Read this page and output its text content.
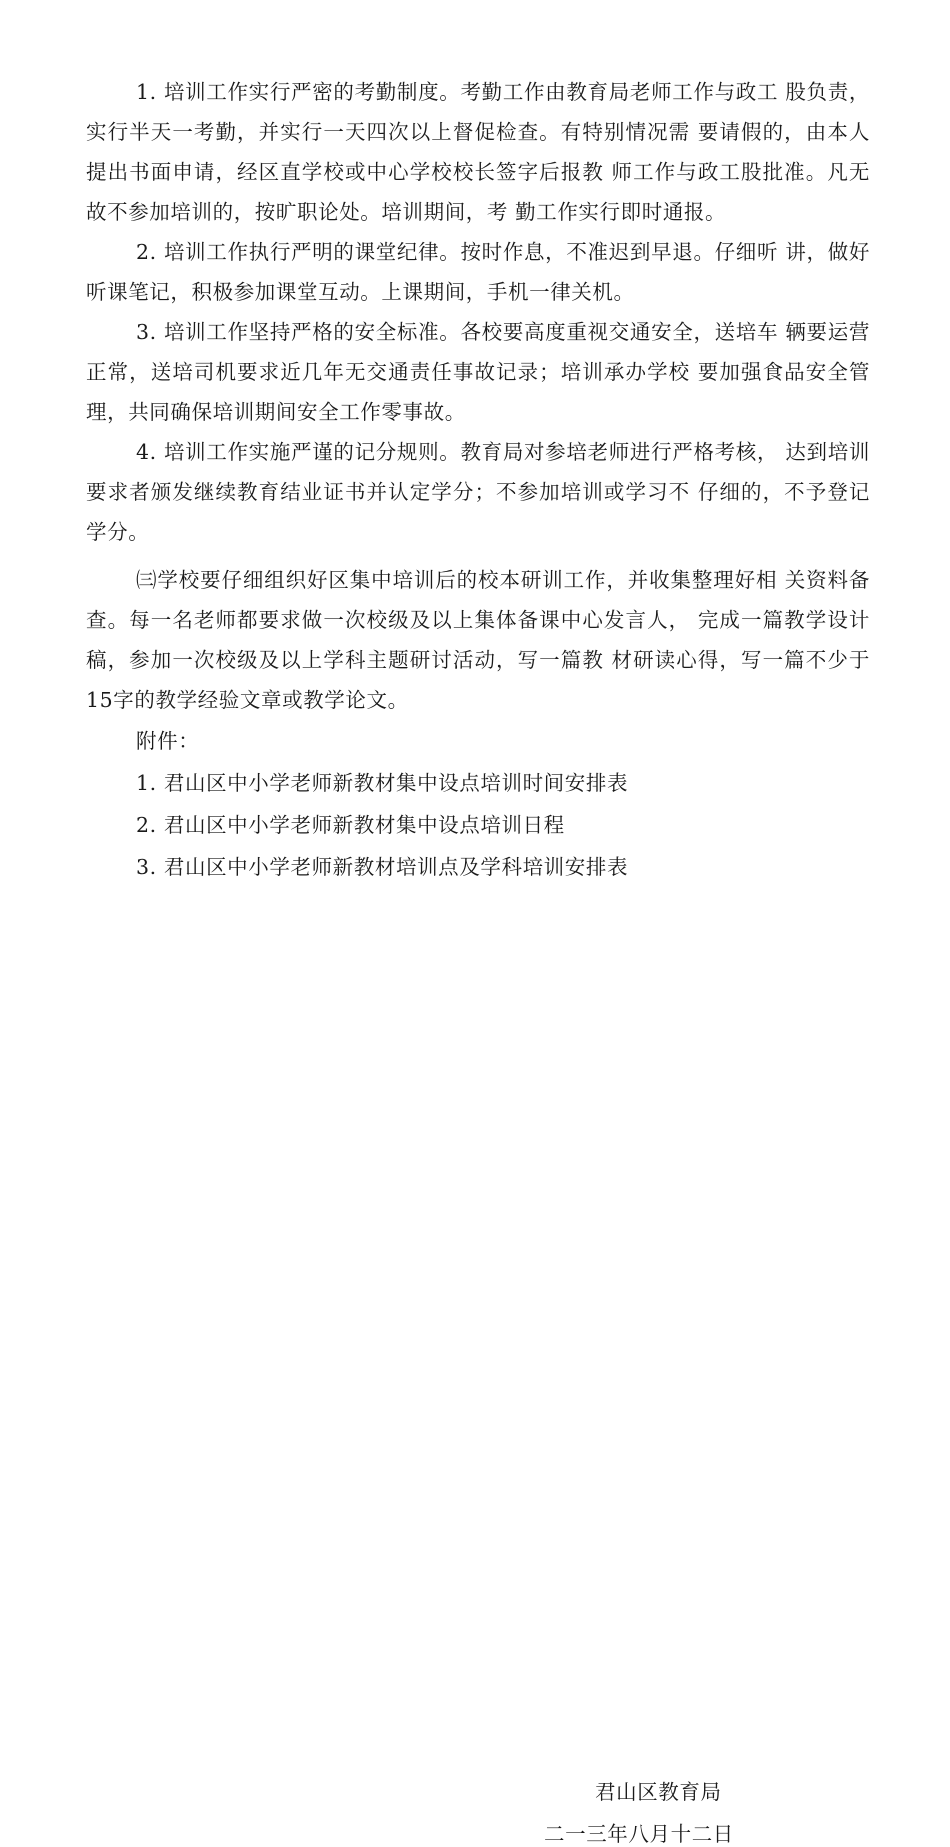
1. 培训工作实行严密的考勤制度。考勤工作由教育局老师工作与政工 股负责，实行半天一考勤，并实行一天四次以上督促检查。有特别情况需 要请假的，由本人提出书面申请，经区直学校或中心学校校长签字后报教 师工作与政工股批准。凡无故不参加培训的，按旷职论处。培训期间，考 勤工作实行即时通报。

2. 培训工作执行严明的课堂纪律。按时作息，不准迟到早退。仔细听 讲，做好听课笔记，积极参加课堂互动。上课期间，手机一律关机。

3. 培训工作坚持严格的安全标准。各校要高度重视交通安全，送培车 辆要运营正常，送培司机要求近几年无交通责任事故记录；培训承办学校 要加强食品安全管理，共同确保培训期间安全工作零事故。

4. 培训工作实施严谨的记分规则。教育局对参培老师进行严格考核， 达到培训要求者颁发继续教育结业证书并认定学分；不参加培训或学习不 仔细的，不予登记学分。

㈢学校要仔细组织好区集中培训后的校本研训工作，并收集整理好相 关资料备查。每一名老师都要求做一次校级及以上集体备课中心发言人， 完成一篇教学设计稿，参加一次校级及以上学科主题研讨活动，写一篇教 材研读心得，写一篇不少于15字的教学经验文章或教学论文。

附件：

1. 君山区中小学老师新教材集中设点培训时间安排表

2. 君山区中小学老师新教材集中设点培训日程

3. 君山区中小学老师新教材培训点及学科培训安排表

君山区教育局
二一三年八月十二日
